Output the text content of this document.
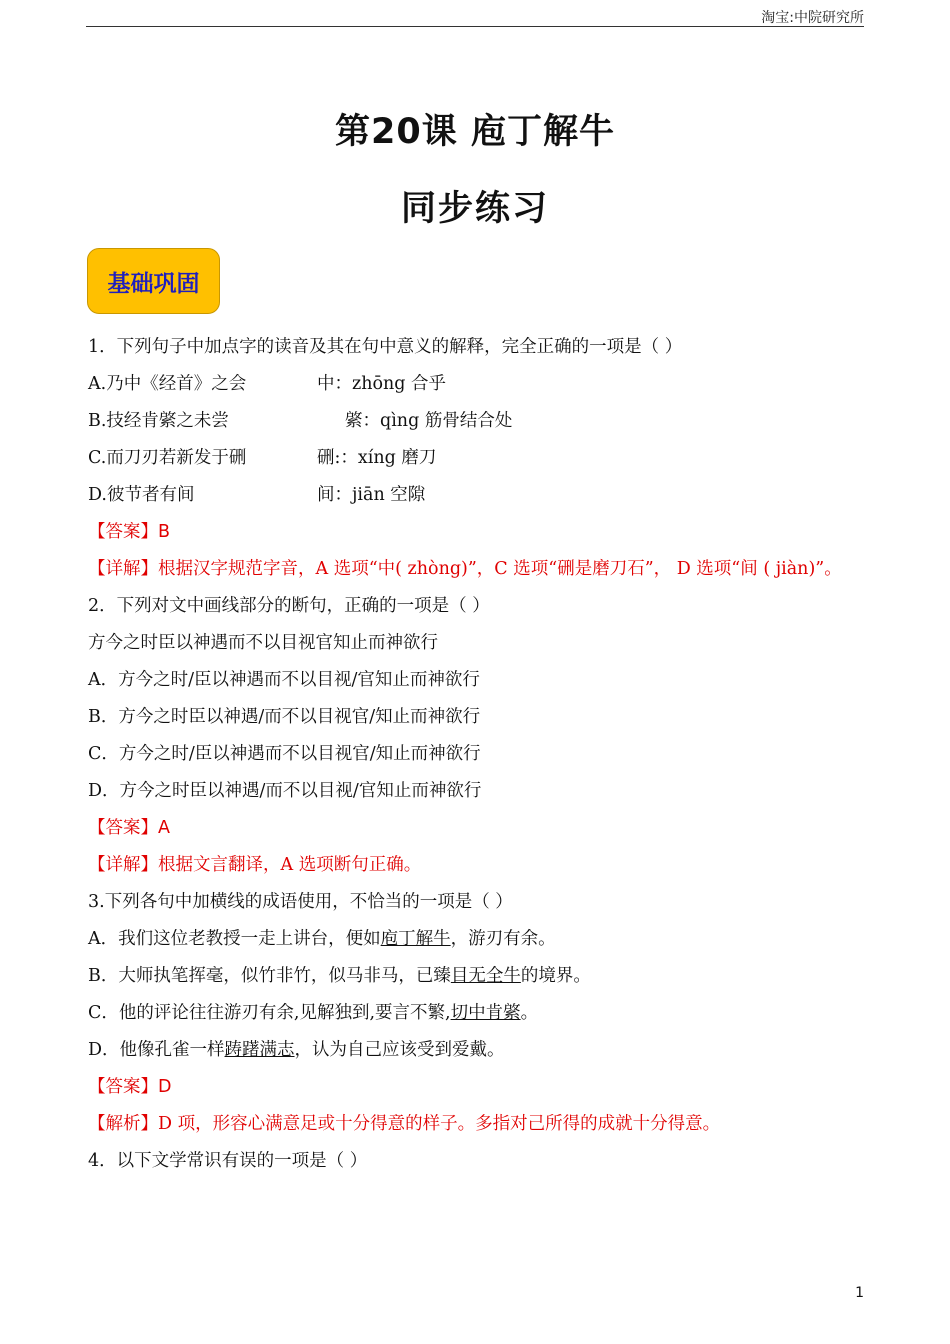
淘宝:中院研究所
第20课 庖丁解牛
同步练习
基础巩固
1．下列句子中加点字的读音及其在句中意义的解释，完全正确的一项是（ ）
A.乃中《经首》之会	中：zhōng 合乎
B.技经肯綮之未尝	綮：qìng 筋骨结合处
C.而刀刃若新发于硎	硎:：xíng 磨刀
D.彼节者有间	间：jiān 空隙
【答案】B
【详解】根据汉字规范字音，A 选项“中( zhòng)”，C 选项“硎是磨刀石”， D 选项“间 ( jiàn)”。
2．下列对文中画线部分的断句，正确的一项是（ ）
方今之时臣以神遇而不以目视官知止而神欲行
A．方今之时/臣以神遇而不以目视/官知止而神欲行
B．方今之时臣以神遇/而不以目视官/知止而神欲行
C．方今之时/臣以神遇而不以目视官/知止而神欲行
D．方今之时臣以神遇/而不以目视/官知止而神欲行
【答案】A
【详解】根据文言翻译，A 选项断句正确。
3.下列各句中加横线的成语使用，不恰当的一项是（ ）
A．我们这位老教授一走上讲台，便如庖丁解牛，游刃有余。
B．大师执笔挥毫，似竹非竹，似马非马，已臻目无全牛的境界。
C．他的评论往往游刃有余,见解独到,要言不繁,切中肯綮。
D．他像孔雀一样踌躇满志，认为自己应该受到爱戴。
【答案】D
【解析】D 项，形容心满意足或十分得意的样子。多指对己所得的成就十分得意。
4．以下文学常识有误的一项是（ ）
1
